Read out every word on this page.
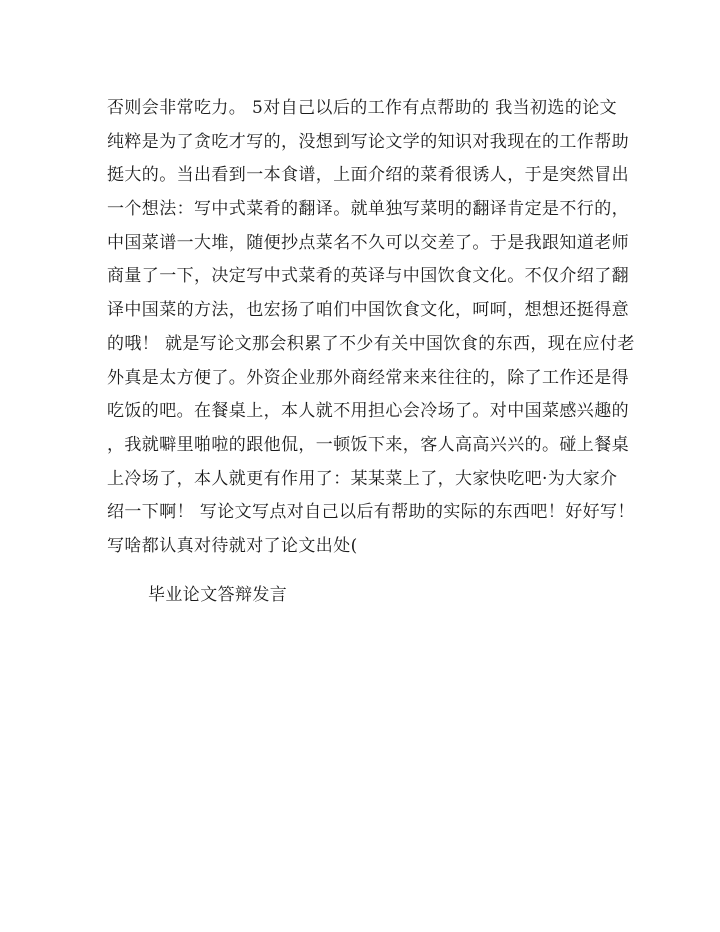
否则会非常吃力。 5对自己以后的工作有点帮助的 我当初选的论文
纯粹是为了贪吃才写的，没想到写论文学的知识对我现在的工作帮助
挺大的。当出看到一本食谱，上面介绍的菜肴很诱人，于是突然冒出
一个想法：写中式菜肴的翻译。就单独写菜明的翻译肯定是不行的，
中国菜谱一大堆，随便抄点菜名不久可以交差了。于是我跟知道老师
商量了一下，决定写中式菜肴的英译与中国饮食文化。不仅介绍了翻
译中国菜的方法，也宏扬了咱们中国饮食文化，呵呵，想想还挺得意
的哦！ 就是写论文那会积累了不少有关中国饮食的东西，现在应付老
外真是太方便了。外资企业那外商经常来来往往的，除了工作还是得
吃饭的吧。在餐桌上，本人就不用担心会冷场了。对中国菜感兴趣的
，我就噼里啪啦的跟他侃，一顿饭下来，客人高高兴兴的。碰上餐桌
上冷场了，本人就更有作用了：某某菜上了，大家快吃吧·为大家介
绍一下啊！ 写论文写点对自己以后有帮助的实际的东西吧！好好写！
写啥都认真对待就对了论文出处(
毕业论文答辩发言
